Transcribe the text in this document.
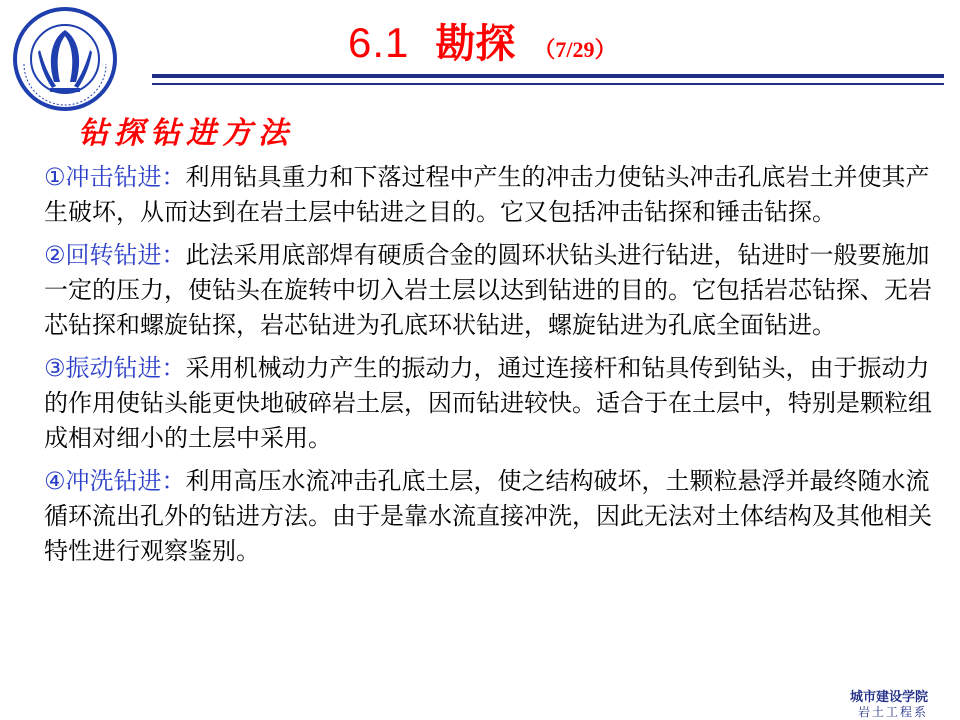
6.1 勘探 （7/29）
钻探钻进方法

①冲击钻进：利用钻具重力和下落过程中产生的冲击力使钻头冲击孔底岩土并使其产生破坏，从而达到在岩土层中钻进之目的。它又包括冲击钻探和锤击钻探。

②回转钻进：此法采用底部焊有硬质合金的圆环状钻头进行钻进，钻进时一般要施加一定的压力，使钻头在旋转中切入岩土层以达到钻进的目的。它包括岩芯钻探、无岩芯钻探和螺旋钻探，岩芯钻进为孔底环状钻进，螺旋钻进为孔底全面钻进。

③振动钻进：采用机械动力产生的振动力，通过连接杆和钻具传到钻头，由于振动力的作用使钻头能更快地破碎岩土层，因而钻进较快。适合于在土层中，特别是颗粒组成相对细小的土层中采用。

④冲洗钻进：利用高压水流冲击孔底土层，使之结构破坏，土颗粒悬浮并最终随水流循环流出孔外的钻进方法。由于是靠水流直接冲洗，因此无法对土体结构及其他相关特性进行观察鉴别。

城市建设学院
岩土工程系
